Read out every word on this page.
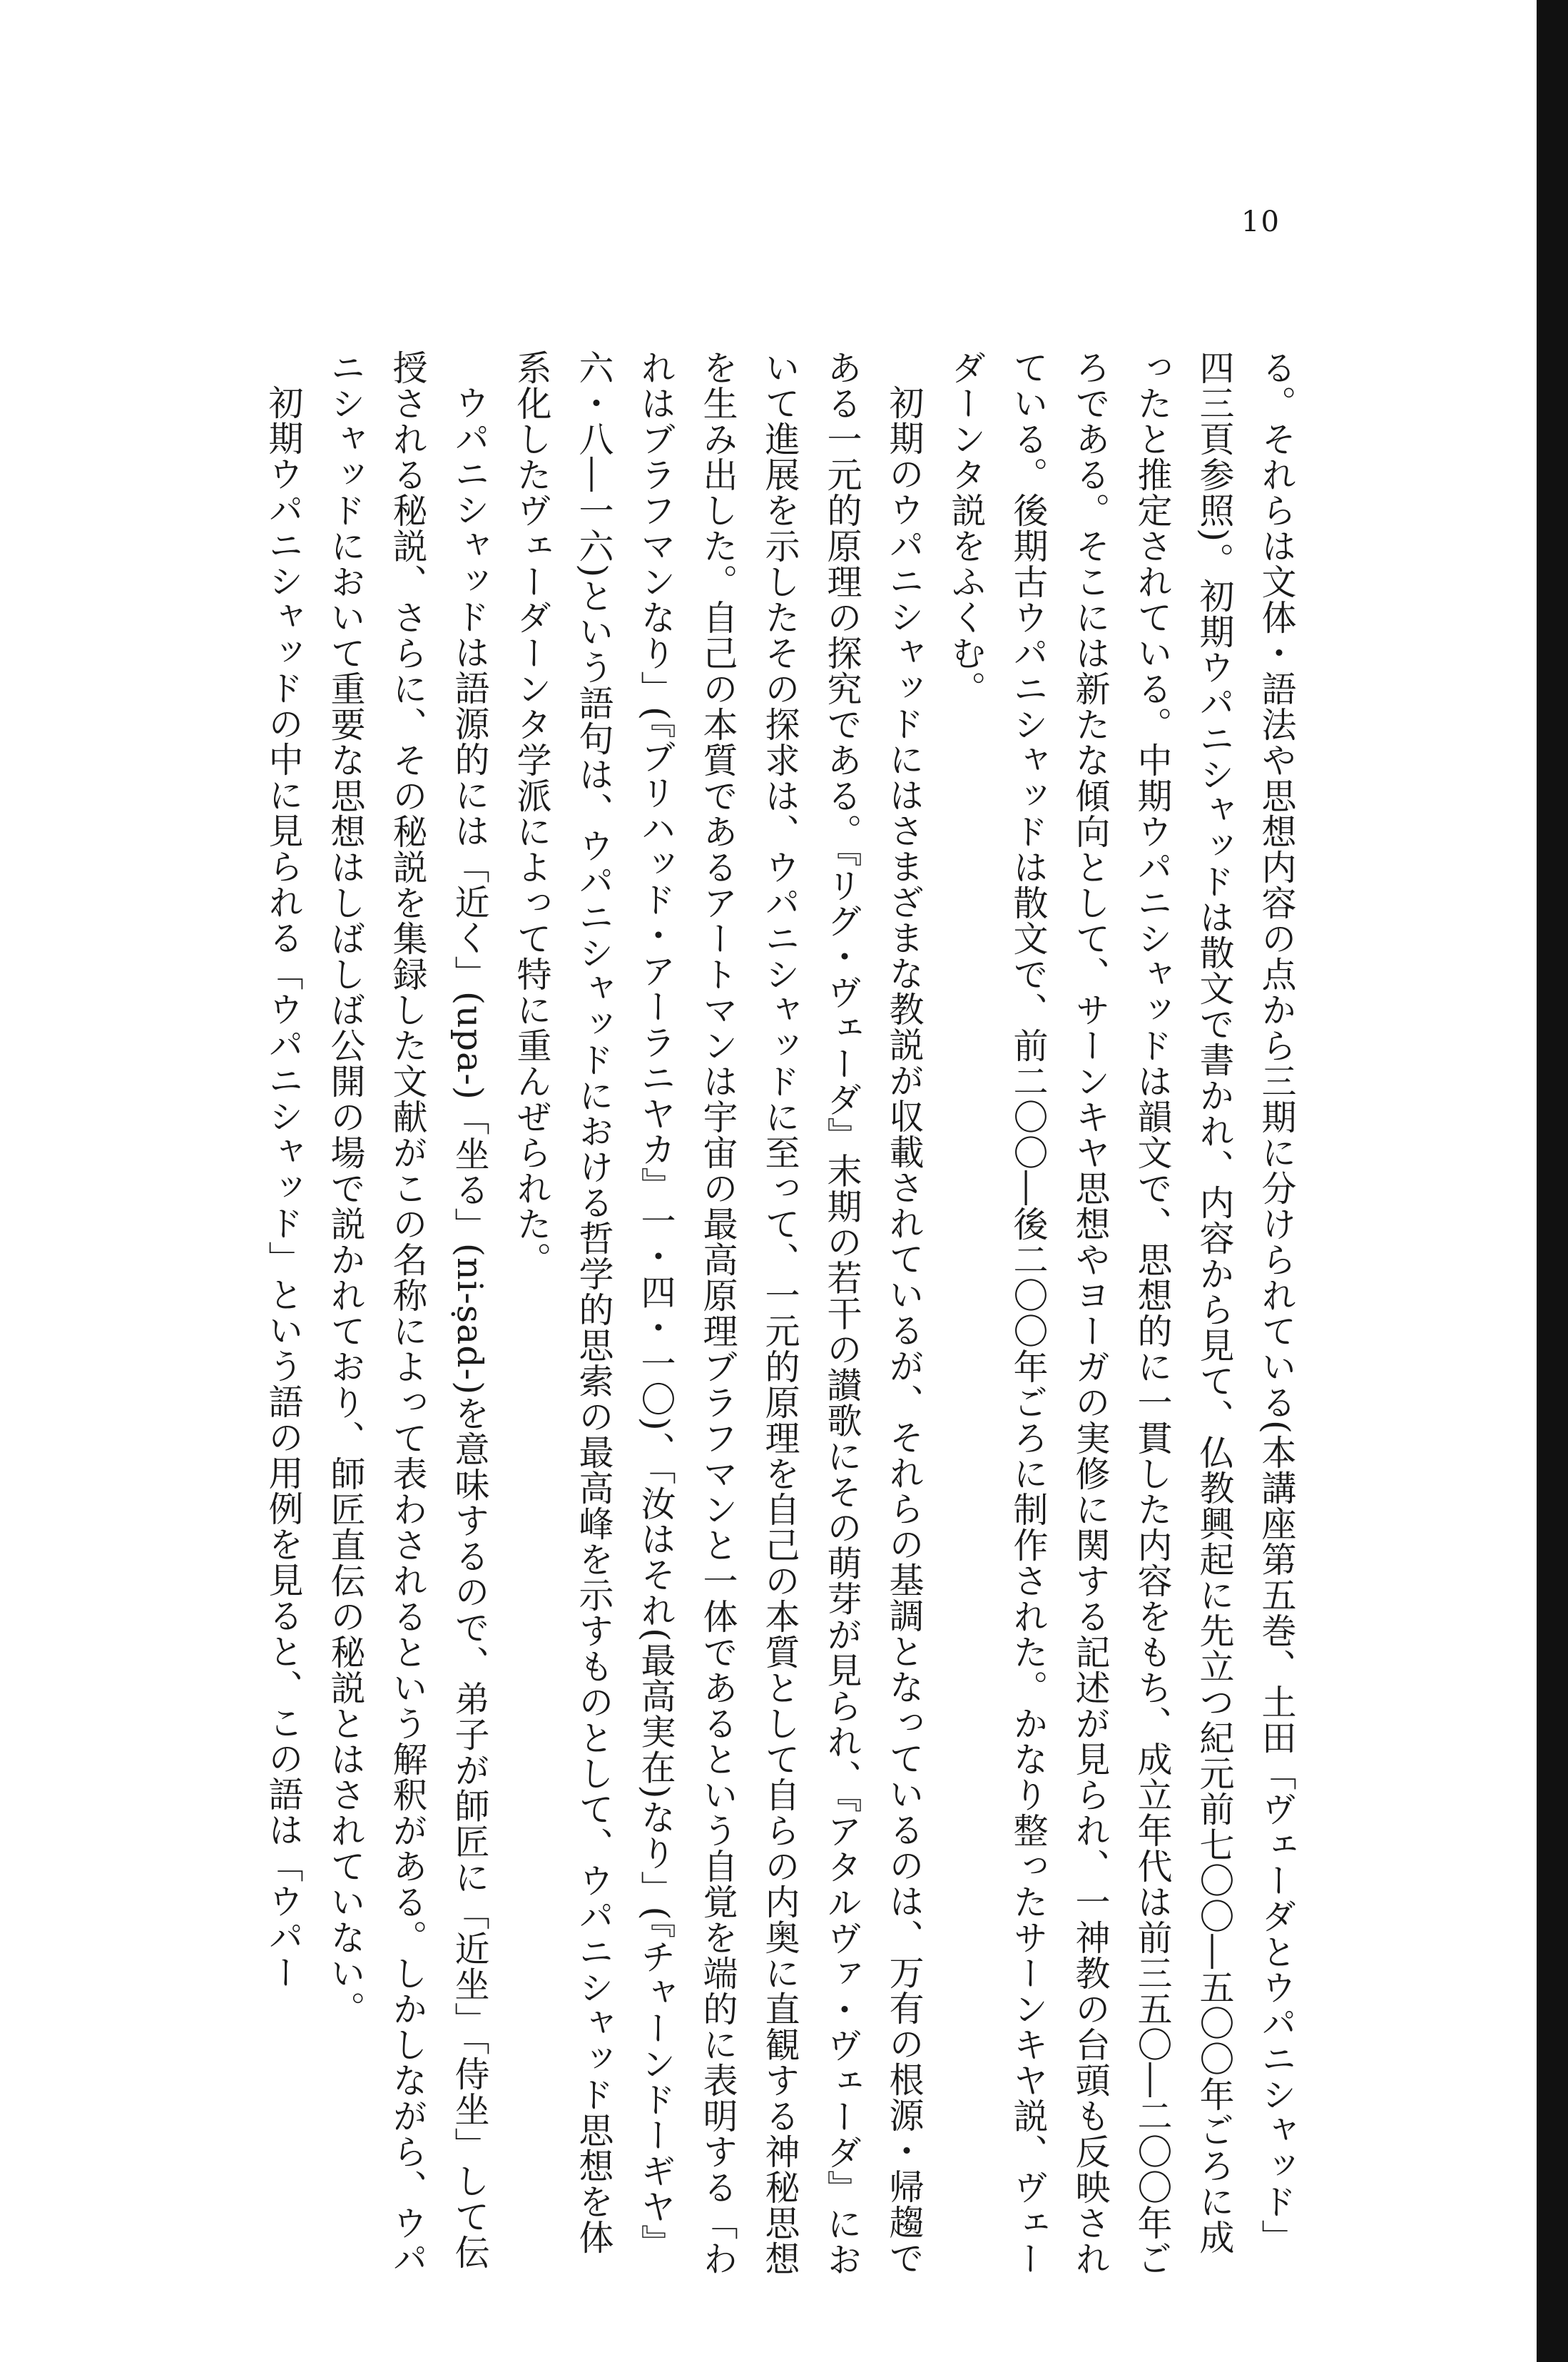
10

る。それらは文体・語法や思想内容の点から三期に分けられている(本講座第五巻、土田「ヴェーダとウパニシャッド」四三頁参照)。初期ウパニシャッドは散文で書かれ、内容から見て、仏教興起に先立つ紀元前七〇〇―五〇〇年ごろに成ったと推定されている。中期ウパニシャッドは韻文で、思想的に一貫した内容をもち、成立年代は前三五〇―二〇〇年ごろである。そこには新たな傾向として、サーンキヤ思想やヨーガの実修に関する記述が見られ、一神教の台頭も反映されている。後期古ウパニシャッドは散文で、前二〇〇―後二〇〇年ごろに制作された。かなり整ったサーンキヤ説、ヴェーダーンタ説をふくむ。

初期のウパニシャッドにはさまざまな教説が収載されているが、それらの基調となっているのは、万有の根源・帰趨である一元的原理の探究である。『リグ・ヴェーダ』末期の若干の讃歌にその萌芽が見られ、『アタルヴァ・ヴェーダ』において進展を示したその探求は、ウパニシャッドに至って、一元的原理を自己の本質として自らの内奥に直観する神秘思想を生み出した。自己の本質であるアートマンは宇宙の最高原理ブラフマンと一体であるという自覚を端的に表明する「われはブラフマンなり」(『ブリハッド・アーラニヤカ』一・四・一〇)、「汝はそれ(最高実在)なり」(『チャーンドーギヤ』六・八―一六)という語句は、ウパニシャッドにおける哲学的思索の最高峰を示すものとして、ウパニシャッド思想を体系化したヴェーダーンタ学派によって特に重んぜられた。

ウパニシャッドは語源的には「近く」(upa-)「坐る」(ni-ṣad-)を意味するので、弟子が師匠に「近坐」「侍坐」して伝授される秘説、さらに、その秘説を集録した文献がこの名称によって表わされるという解釈がある。しかしながら、ウパニシャッドにおいて重要な思想はしばしば公開の場で説かれており、師匠直伝の秘説とはされていない。

初期ウパニシャッドの中に見られる「ウパニシャッド」という語の用例を見ると、この語は「ウパー
